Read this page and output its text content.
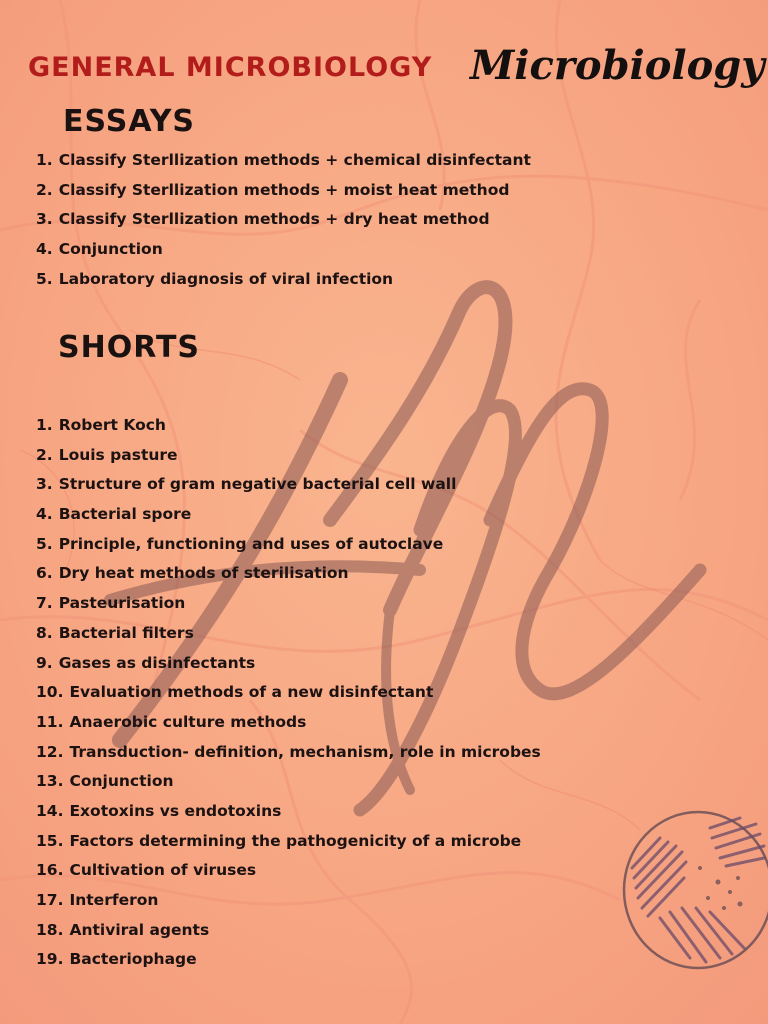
GENERAL MICROBIOLOGY Microbiology
ESSAYS
1. Classify Sterllization methods + chemical disinfectant
2. Classify Sterllization methods + moist heat method
3. Classify Sterllization methods + dry heat method
4. Conjunction
5. Laboratory diagnosis of viral infection
SHORTS
1. Robert Koch
2. Louis pasture
3. Structure of gram negative bacterial cell wall
4. Bacterial spore
5. Principle, functioning and uses of autoclave
6. Dry heat methods of sterilisation
7. Pasteurisation
8. Bacterial filters
9. Gases as disinfectants
10. Evaluation methods of a new disinfectant
11. Anaerobic culture methods
12. Transduction- definition, mechanism, role in microbes
13. Conjunction
14. Exotoxins vs endotoxins
15. Factors determining the pathogenicity of a microbe
16. Cultivation of viruses
17. Interferon
18. Antiviral agents
19. Bacteriophage
